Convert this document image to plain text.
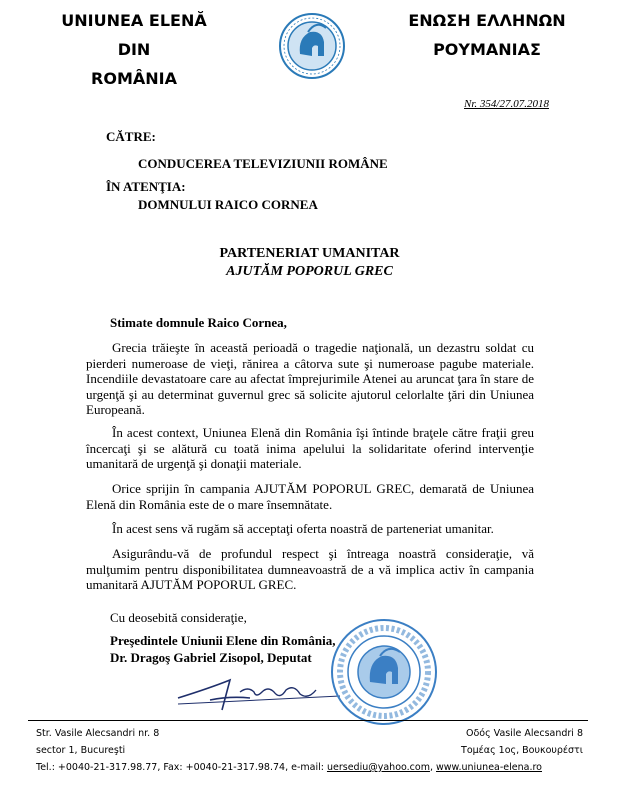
UNIUNEA ELENĂ DIN
ROMÂNIA
ΕΝΩΣΗ ΕΛΛΗΝΩΝ
ΡΟΥΜΑΝΙΑΣ
Nr. 354/27.07.2018
CĂTRE:
CONDUCEREA TELEVIZIUNII ROMÂNE
ÎN ATENŢIA:
DOMNULUI RAICO CORNEA
PARTENERIAT UMANITAR
AJUTĂM POPORUL GREC
Stimate domnule Raico Cornea,
Grecia trăieşte în această perioadă o tragedie naţională, un dezastru soldat cu pierderi numeroase de vieţi, rănirea a câtorva sute şi numeroase pagube materiale. Incendiile devastatoare care au afectat împrejurimile Atenei au aruncat ţara în stare de urgenţă şi au determinat guvernul grec să solicite ajutorul celorlalte ţări din Uniunea Europeană.
În acest context, Uniunea Elenă din România îşi întinde braţele către fraţii greu încercaţi şi se alătură cu toată inima apelului la solidaritate oferind intervenţie umanitară de urgenţă şi donaţii materiale.
Orice sprijin în campania AJUTĂM POPORUL GREC, demarată de Uniunea Elenă din România este de o mare însemnătate.
În acest sens vă rugăm să acceptaţi oferta noastră de parteneriat umanitar.
Asigurându-vă de profundul respect şi întreaga noastră consideraţie, vă mulţumim pentru disponibilitatea dumneavoastră de a vă implica activ în campania umanitară AJUTĂM POPORUL GREC.
Cu deosebită consideraţie,
Preşedintele Uniunii Elene din România,
Dr. Dragoş Gabriel Zisopol, Deputat
Str. Vasile Alecsandri nr. 8
sector 1, Bucureşti
Οδός Vasile Alecsandri 8
Τομέας 1ος, Βουκουρέστι
Tel.: +0040-21-317.98.77, Fax: +0040-21-317.98.74, e-mail: uersediu@yahoo.com, www.uniunea-elena.ro
